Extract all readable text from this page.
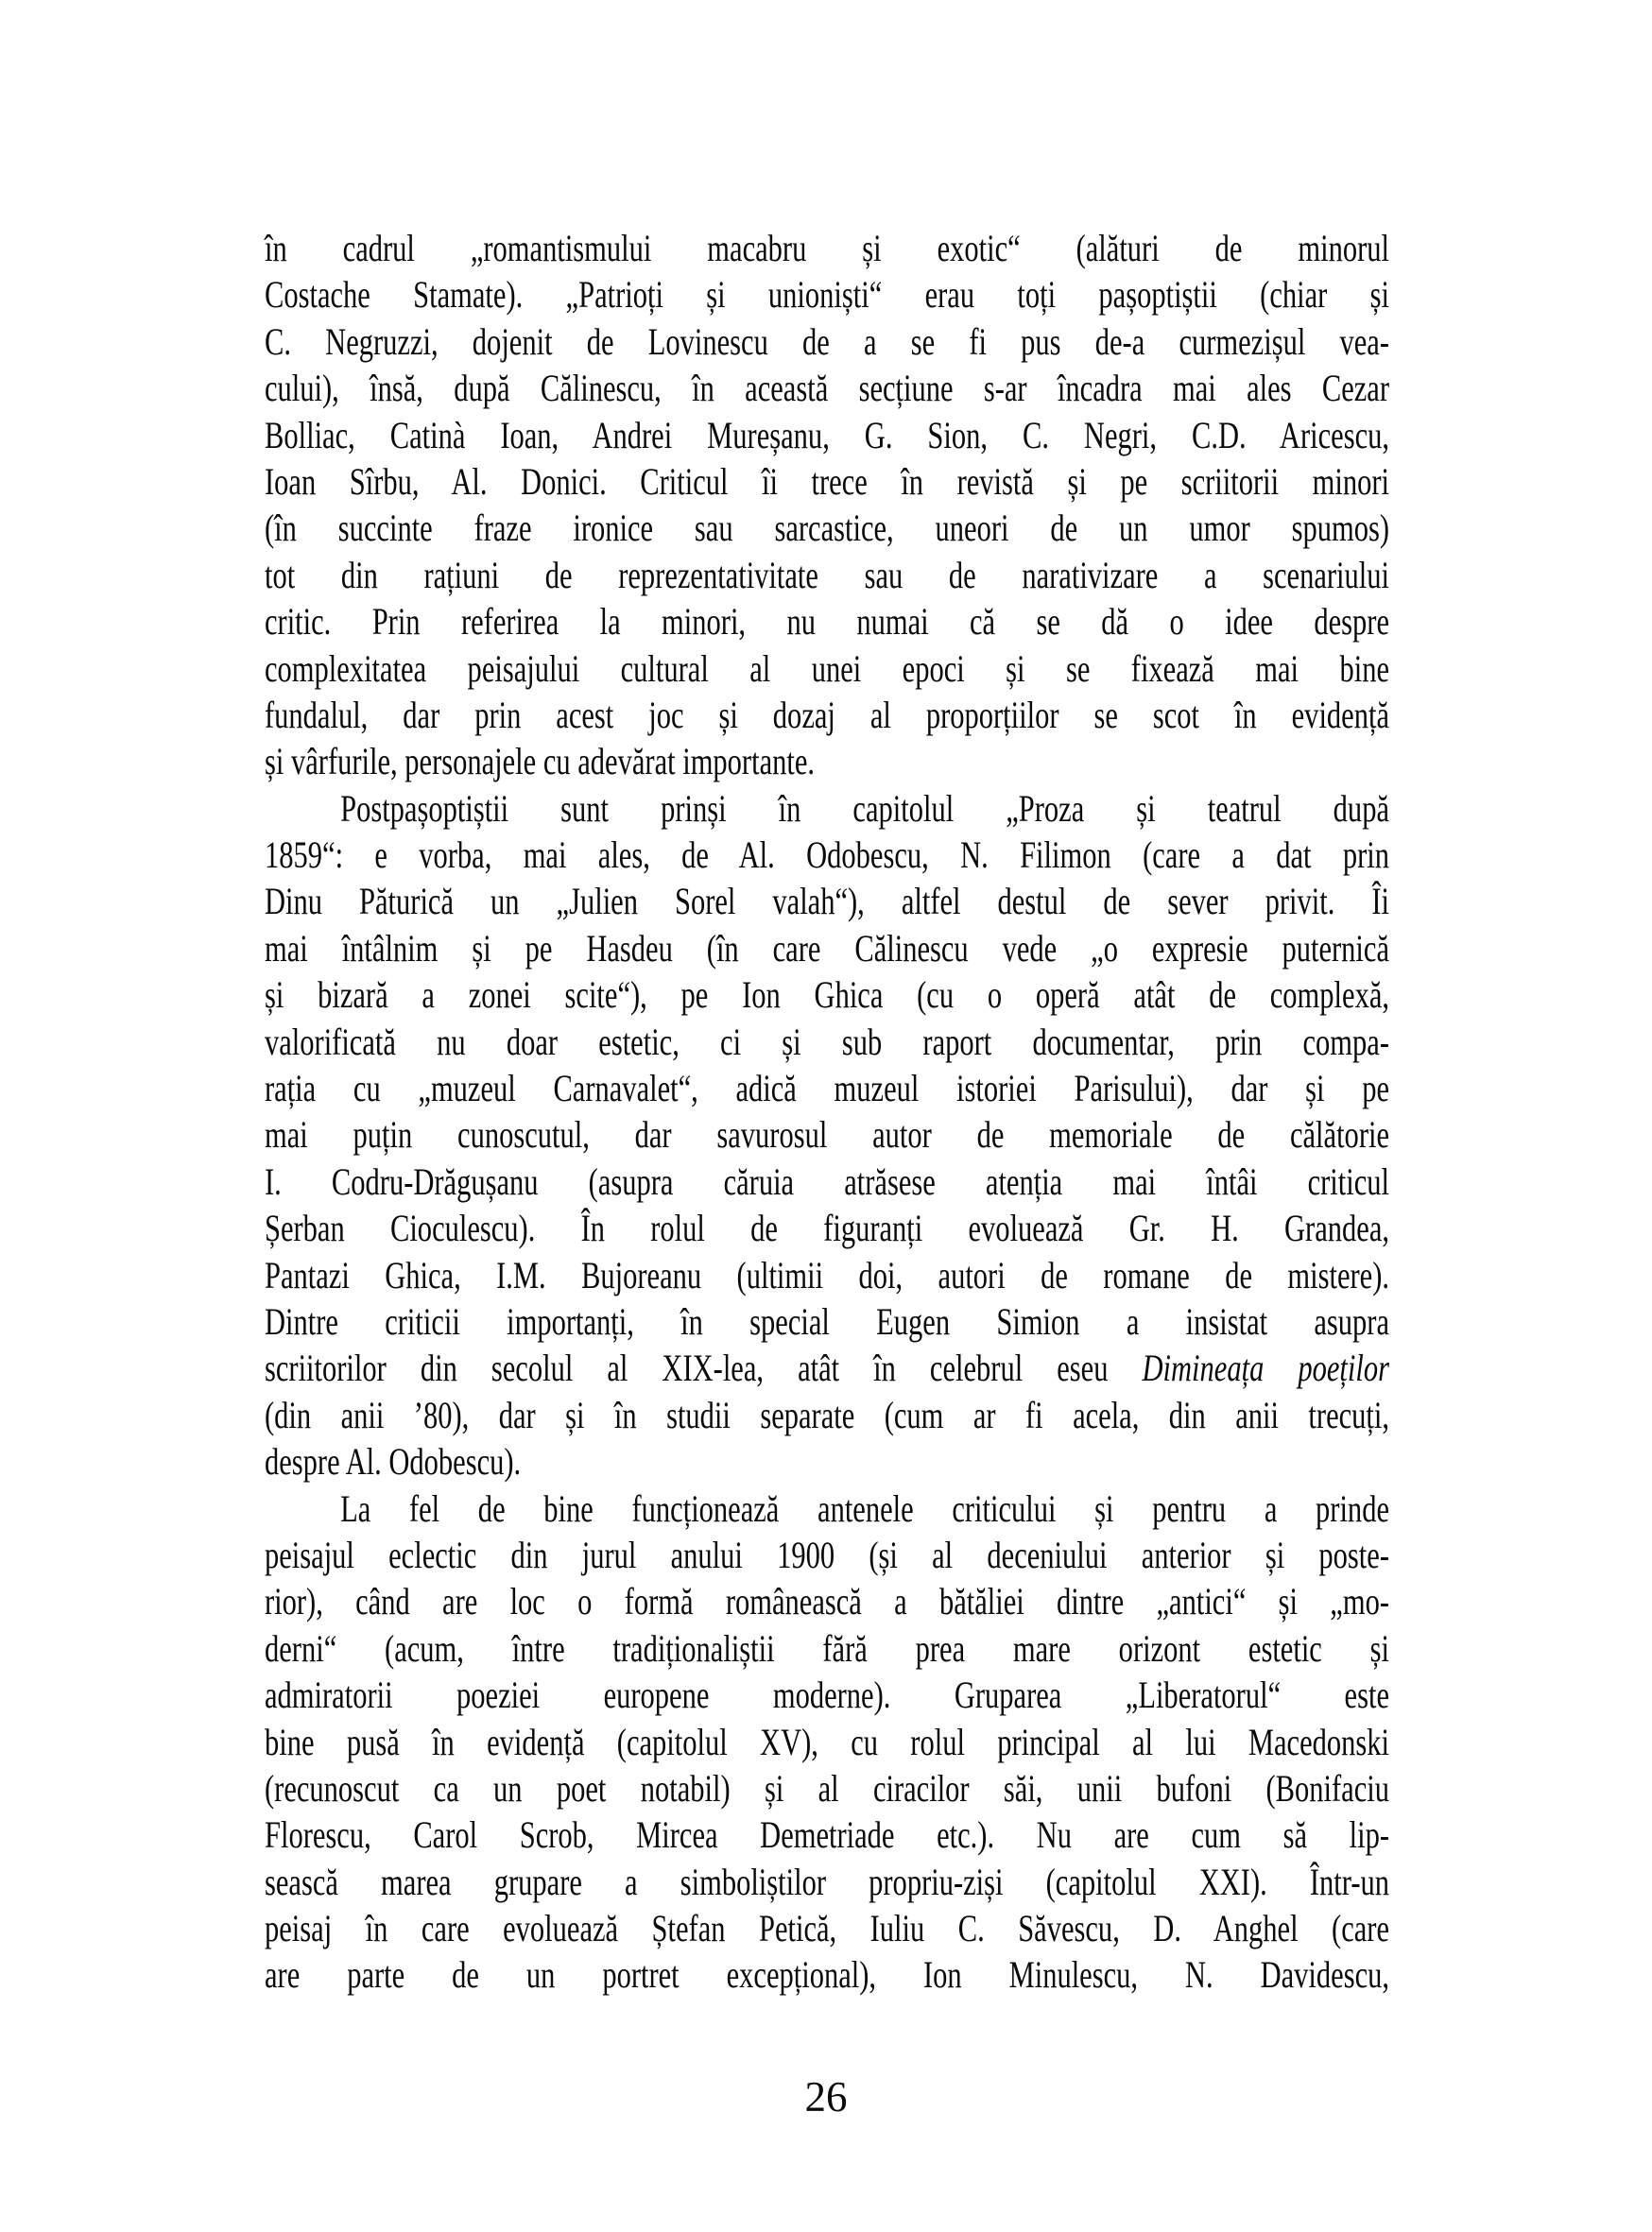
în cadrul „romantismului macabru și exotic“ (alături de minorul
Costache Stamate). „Patrioți și unioniști“ erau toți pașoptiștii (chiar și
C. Negruzzi, dojenit de Lovinescu de a se fi pus de-a curmezișul vea-
cului), însă, după Călinescu, în această secțiune s-ar încadra mai ales Cezar
Bolliac, Catinà Ioan, Andrei Mureșanu, G. Sion, C. Negri, C.D. Aricescu,
Ioan Sîrbu, Al. Donici. Criticul îi trece în revistă și pe scriitorii minori
(în succinte fraze ironice sau sarcastice, uneori de un umor spumos)
tot din rațiuni de reprezentativitate sau de narativizare a scenariului
critic. Prin referirea la minori, nu numai că se dă o idee despre
complexitatea peisajului cultural al unei epoci și se fixează mai bine
fundalul, dar prin acest joc și dozaj al proporțiilor se scot în evidență
și vârfurile, personajele cu adevărat importante.
Postpașoptiștii sunt prinși în capitolul „Proza și teatrul după
1859“: e vorba, mai ales, de Al. Odobescu, N. Filimon (care a dat prin
Dinu Păturică un „Julien Sorel valah“), altfel destul de sever privit. Îi
mai întâlnim și pe Hasdeu (în care Călinescu vede „o expresie puternică
și bizară a zonei scite“), pe Ion Ghica (cu o operă atât de complexă,
valorificată nu doar estetic, ci și sub raport documentar, prin compa-
rația cu „muzeul Carnavalet“, adică muzeul istoriei Parisului), dar și pe
mai puțin cunoscutul, dar savurosul autor de memoriale de călătorie
I. Codru-Drăgușanu (asupra căruia atrăsese atenția mai întâi criticul
Șerban Cioculescu). În rolul de figuranți evoluează Gr. H. Grandea,
Pantazi Ghica, I.M. Bujoreanu (ultimii doi, autori de romane de mistere).
Dintre criticii importanți, în special Eugen Simion a insistat asupra
scriitorilor din secolul al XIX-lea, atât în celebrul eseu Dimineața poeților
(din anii ’80), dar și în studii separate (cum ar fi acela, din anii trecuți,
despre Al. Odobescu).
La fel de bine funcționează antenele criticului și pentru a prinde
peisajul eclectic din jurul anului 1900 (și al deceniului anterior și poste-
rior), când are loc o formă românească a bătăliei dintre „antici“ și „mo-
derni“ (acum, între tradiționaliștii fără prea mare orizont estetic și
admiratorii poeziei europene moderne). Gruparea „Liberatorul“ este
bine pusă în evidență (capitolul XV), cu rolul principal al lui Macedonski
(recunoscut ca un poet notabil) și al ciracilor săi, unii bufoni (Bonifaciu
Florescu, Carol Scrob, Mircea Demetriade etc.). Nu are cum să lip-
sească marea grupare a simboliștilor propriu-ziși (capitolul XXI). Într-un
peisaj în care evoluează Ștefan Petică, Iuliu C. Săvescu, D. Anghel (care
are parte de un portret excepțional), Ion Minulescu, N. Davidescu,
26
